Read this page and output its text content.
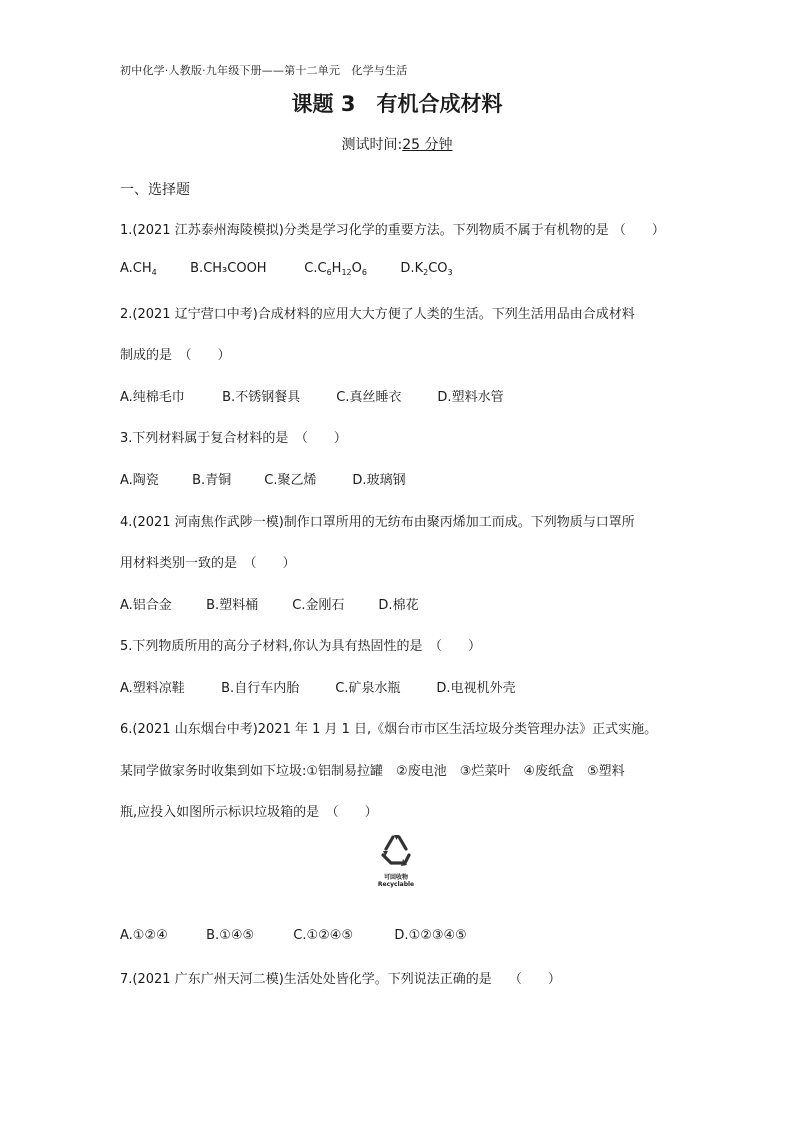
初中化学·人教版·九年级下册——第十二单元　化学与生活
课题 3　有机合成材料
测试时间:25 分钟
一、选择题
1.(2021 江苏泰州海陵模拟)分类是学习化学的重要方法。下列物质不属于有机物的是 （　　）
$A.CH_4$	B.CH₃COOH	$C.C_6H_{12}O_6$	$D.K_2CO_3$
2.(2021 辽宁营口中考)合成材料的应用大大方便了人类的生活。下列生活用品由合成材料
制成的是　（　　）
A.纯棉毛巾	B.不锈钢餐具	C.真丝睡衣	D.塑料水管
3.下列材料属于复合材料的是　（　　）
A.陶瓷	B.青铜	C.聚乙烯	D.玻璃钢
4.(2021 河南焦作武陟一模)制作口罩所用的无纺布由聚丙烯加工而成。下列物质与口罩所
用材料类别一致的是　（　　）
A.铝合金	B.塑料桶	C.金刚石	D.棉花
5.下列物质所用的高分子材料,你认为具有热固性的是　（　　）
A.塑料凉鞋	B.自行车内胎	C.矿泉水瓶	D.电视机外壳
6.(2021 山东烟台中考)2021 年 1 月 1 日,《烟台市市区生活垃圾分类管理办法》正式实施。
某同学做家务时收集到如下垃圾:①铝制易拉罐　②废电池　③烂菜叶　④废纸盒　⑤塑料
瓶,应投入如图所示标识垃圾箱的是　（　　）
可回收物
Recyclable
A.①②④	B.①④⑤	C.①②④⑤	D.①②③④⑤
7.(2021 广东广州天河二模)生活处处皆化学。下列说法正确的是　 （　　）
